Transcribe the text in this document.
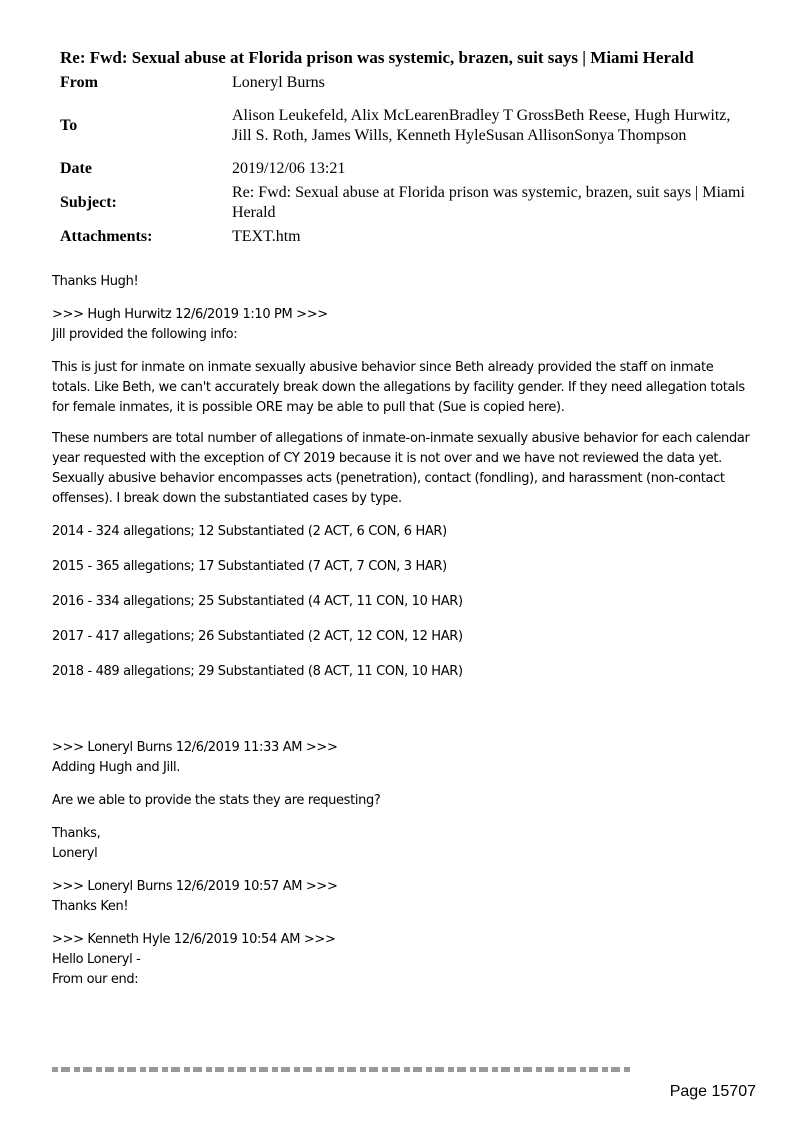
Re: Fwd: Sexual abuse at Florida prison was systemic, brazen, suit says | Miami Herald	
From	Loneryl Burns
To	Alison Leukefeld, Alix McLearenBradley T GrossBeth Reese, Hugh Hurwitz, Jill S. Roth, James Wills, Kenneth HyleSusan AllisonSonya Thompson
Date	2019/12/06 13:21
Subject:	Re: Fwd: Sexual abuse at Florida prison was systemic, brazen, suit says | Miami Herald
Attachments:	TEXT.htm

Thanks Hugh!

>>> Hugh Hurwitz 12/6/2019 1:10 PM >>>

Jill provided the following info:

This is just for inmate on inmate sexually abusive behavior since Beth already provided the staff on inmate totals. Like Beth, we can't accurately break down the allegations by facility gender. If they need allegation totals for female inmates, it is possible ORE may be able to pull that (Sue is copied here).

These numbers are total number of allegations of inmate-on-inmate sexually abusive behavior for each calendar year requested with the exception of CY 2019 because it is not over and we have not reviewed the data yet. Sexually abusive behavior encompasses acts (penetration), contact (fondling), and harassment (non-contact offenses). I break down the substantiated cases by type.

2014 - 324 allegations; 12 Substantiated (2 ACT, 6 CON, 6 HAR)

2015 - 365 allegations; 17 Substantiated (7 ACT, 7 CON, 3 HAR)

2016 - 334 allegations; 25 Substantiated (4 ACT, 11 CON, 10 HAR)

2017 - 417 allegations; 26 Substantiated (2 ACT, 12 CON, 12 HAR)

2018 - 489 allegations; 29 Substantiated (8 ACT, 11 CON, 10 HAR)

>>> Loneryl Burns 12/6/2019 11:33 AM >>>

Adding Hugh and Jill.

Are we able to provide the stats they are requesting?

Thanks,

Loneryl

>>> Loneryl Burns 12/6/2019 10:57 AM >>>

Thanks Ken!

>>> Kenneth Hyle 12/6/2019 10:54 AM >>>

Hello Loneryl -

From our end:

Page 15707
